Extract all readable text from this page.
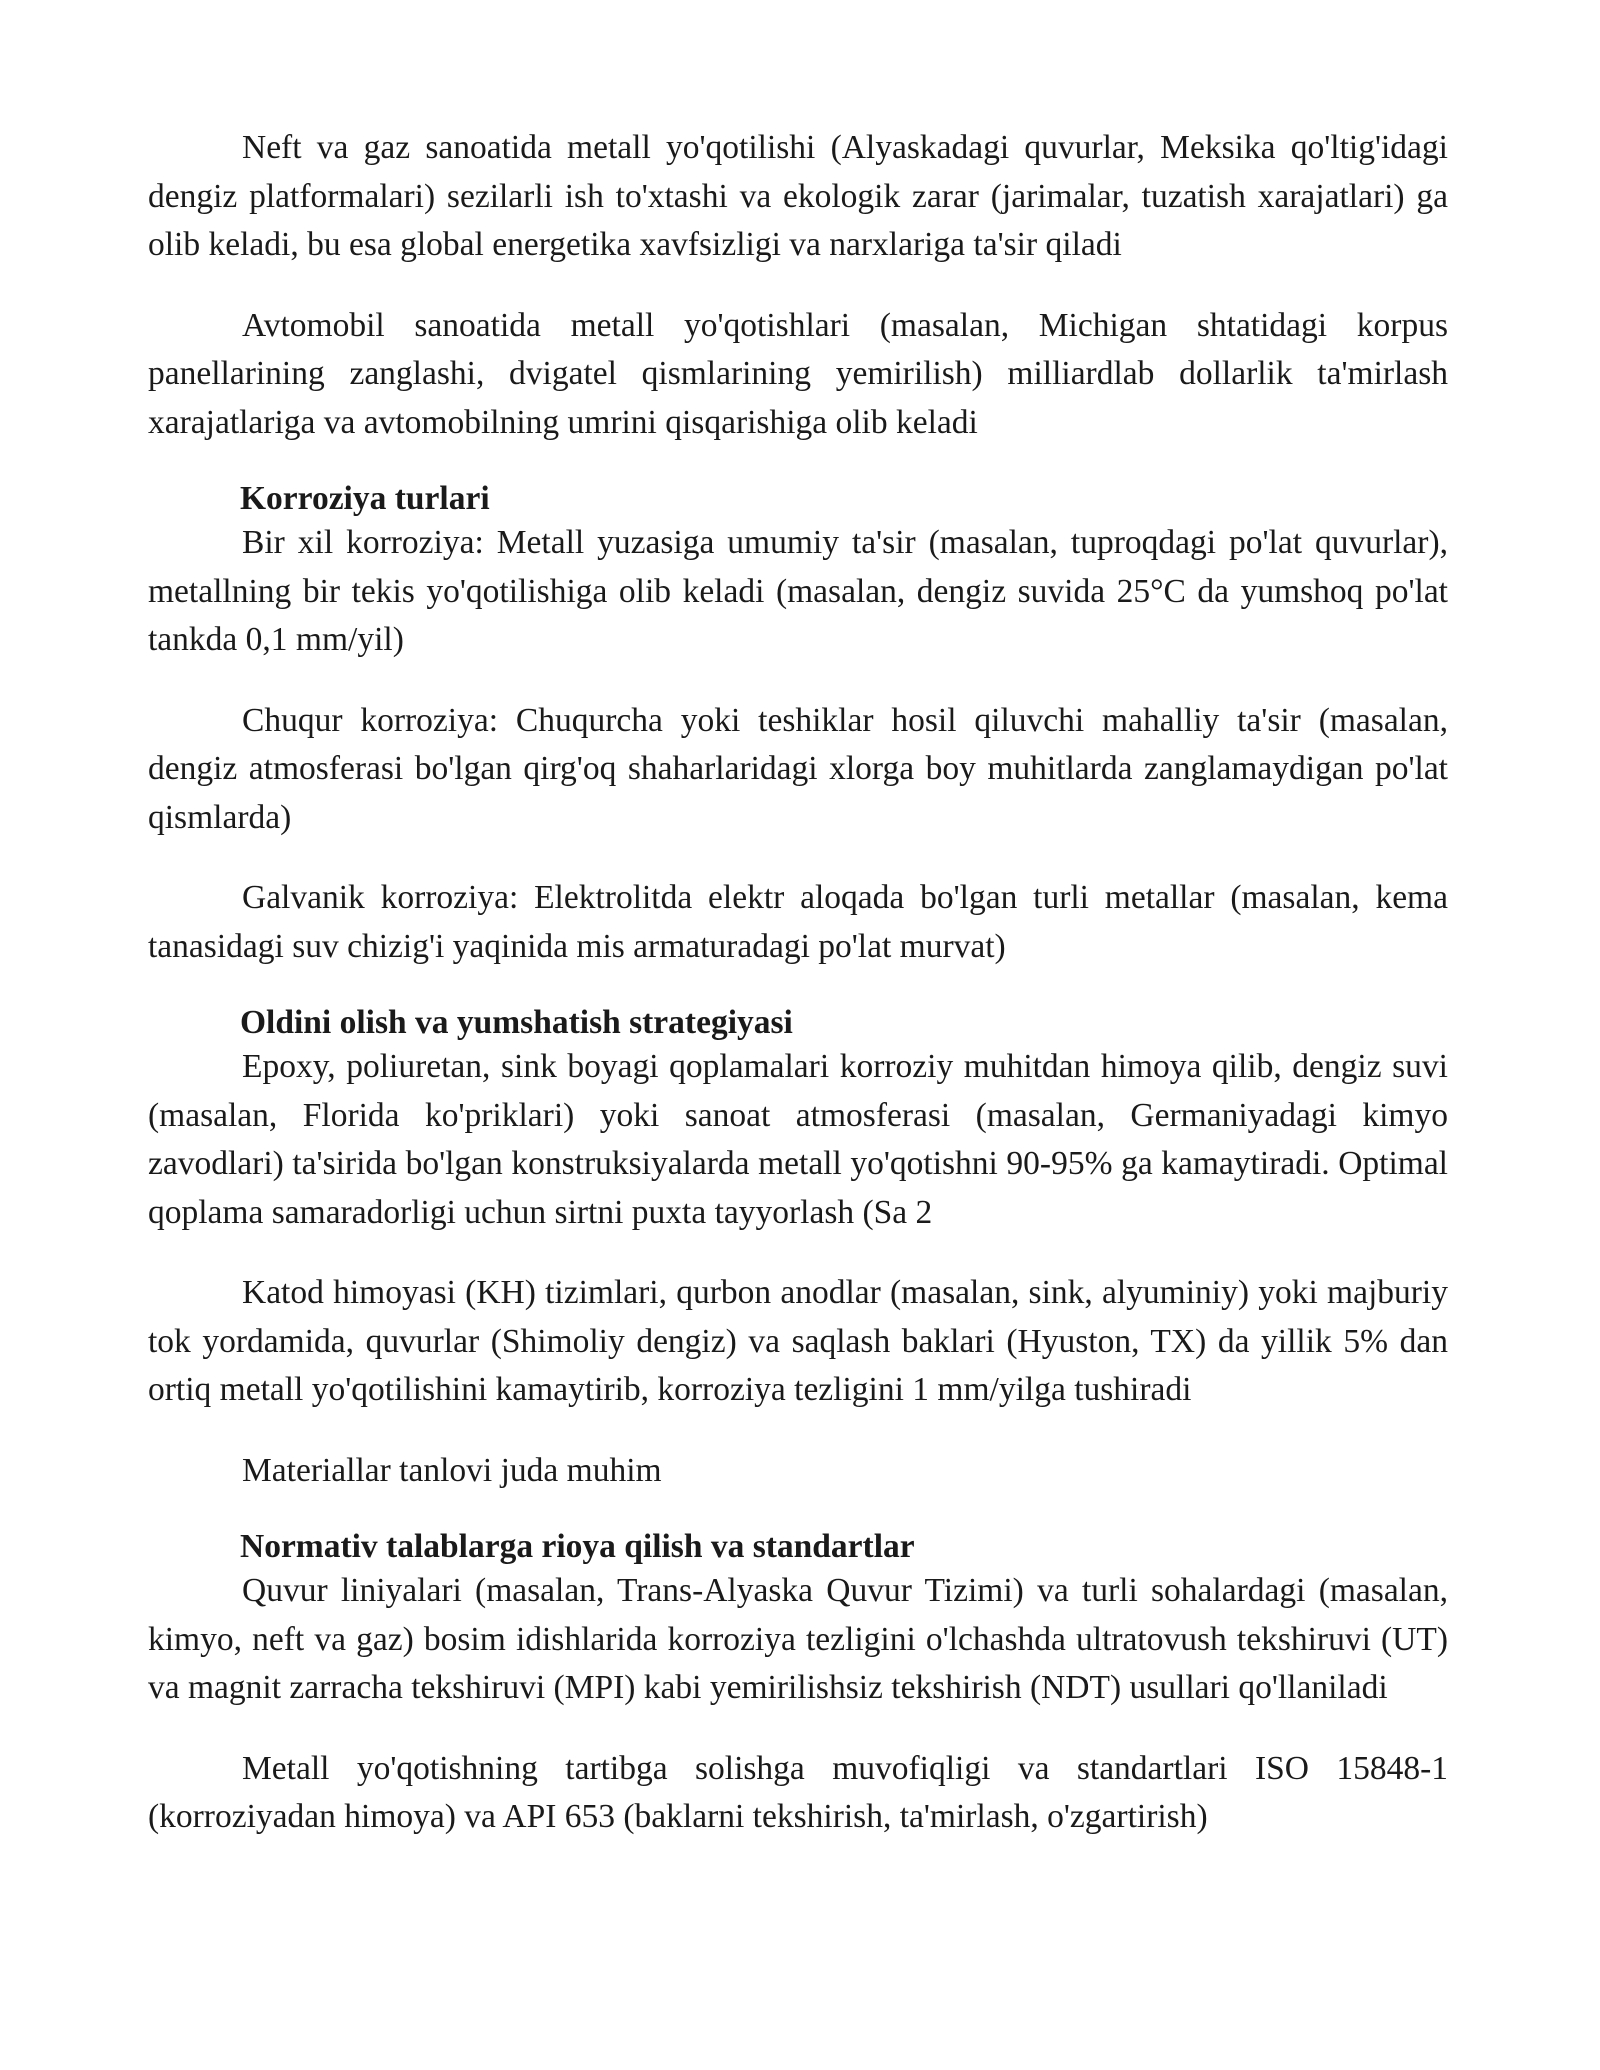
Neft va gaz sanoatida metall yo'qotilishi (Alyaskadagi quvurlar, Meksika qo'ltig'idagi dengiz platformalari) sezilarli ish to'xtashi va ekologik zarar (jarimalar, tuzatish xarajatlari) ga olib keladi, bu esa global energetika xavfsizligi va narxlariga ta'sir qiladi

Avtomobil sanoatida metall yo'qotishlari (masalan, Michigan shtatidagi korpus panellarining zanglashi, dvigatel qismlarining yemirilish) milliardlab dollarlik ta'mirlash xarajatlariga va avtomobilning umrini qisqarishiga olib keladi

Korroziya turlari

Bir xil korroziya: Metall yuzasiga umumiy ta'sir (masalan, tuproqdagi po'lat quvurlar), metallning bir tekis yo'qotilishiga olib keladi (masalan, dengiz suvida 25°C da yumshoq po'lat tankda 0,1 mm/yil)

Chuqur korroziya: Chuqurcha yoki teshiklar hosil qiluvchi mahalliy ta'sir (masalan, dengiz atmosferasi bo'lgan qirg'oq shaharlaridagi xlorga boy muhitlarda zanglamaydigan po'lat qismlarda)

Galvanik korroziya: Elektrolitda elektr aloqada bo'lgan turli metallar (masalan, kema tanasidagi suv chizig'i yaqinida mis armaturadagi po'lat murvat)

Oldini olish va yumshatish strategiyasi

Epoxy, poliuretan, sink boyagi qoplamalari korroziy muhitdan himoya qilib, dengiz suvi (masalan, Florida ko'priklari) yoki sanoat atmosferasi (masalan, Germaniyadagi kimyo zavodlari) ta'sirida bo'lgan konstruksiyalarda metall yo'qotishni 90-95% ga kamaytiradi. Optimal qoplama samaradorligi uchun sirtni puxta tayyorlash (Sa 2

Katod himoyasi (KH) tizimlari, qurbon anodlar (masalan, sink, alyuminiy) yoki majburiy tok yordamida, quvurlar (Shimoliy dengiz) va saqlash baklari (Hyuston, TX) da yillik 5% dan ortiq metall yo'qotilishini kamaytirib, korroziya tezligini 1 mm/yilga tushiradi

Materiallar tanlovi juda muhim

Normativ talablarga rioya qilish va standartlar

Quvur liniyalari (masalan, Trans-Alyaska Quvur Tizimi) va turli sohalardagi (masalan, kimyo, neft va gaz) bosim idishlarida korroziya tezligini o'lchashda ultratovush tekshiruvi (UT) va magnit zarracha tekshiruvi (MPI) kabi yemirilishsiz tekshirish (NDT) usullari qo'llaniladi

Metall yo'qotishning tartibga solishga muvofiqligi va standartlari ISO 15848-1 (korroziyadan himoya) va API 653 (baklarni tekshirish, ta'mirlash, o'zgartirish)
